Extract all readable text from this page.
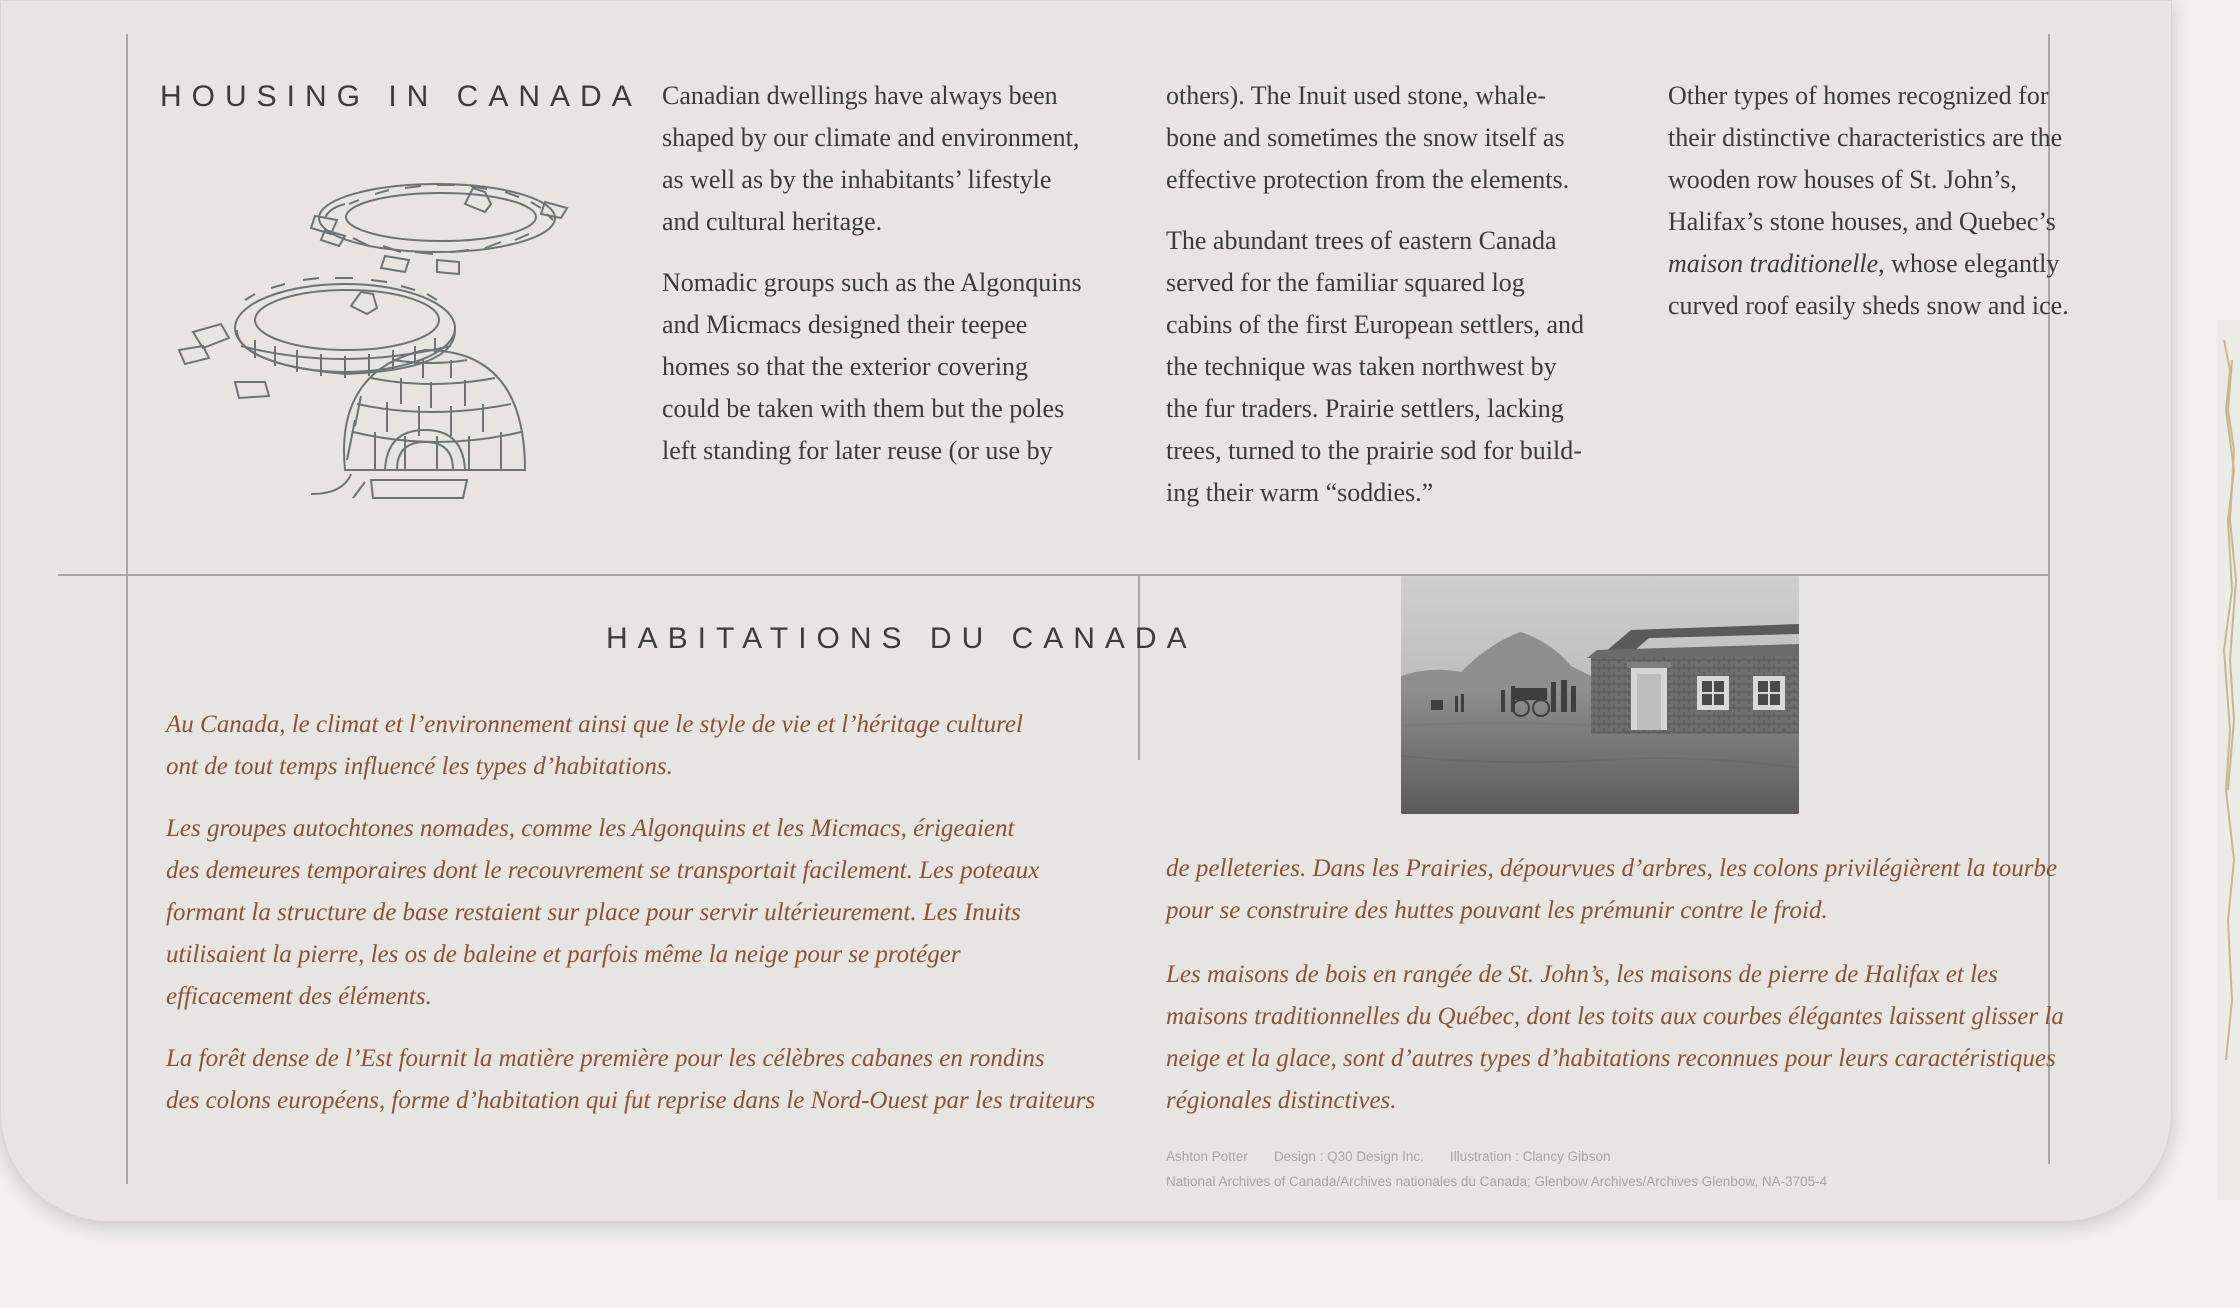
HOUSING IN CANADA Canadian dwellings have always been
shaped by our climate and environment,
as well as by the inhabitants’ lifestyle
and cultural heritage.

Nomadic groups such as the Algonquins
and Micmacs designed their teepee
homes so that the exterior covering
could be taken with them but the poles
left standing for later reuse (or use by

others). The Inuit used stone, whale-
bone and sometimes the snow itself as
effective protection from the elements.

The abundant trees of eastern Canada
served for the familiar squared log
cabins of the first European settlers, and
the technique was taken northwest by
the fur traders. Prairie settlers, lacking
trees, turned to the prairie sod for build-
ing their warm “soddies.”

Other types of homes recognized for
their distinctive characteristics are the
wooden row houses of St. John’s,
Halifax’s stone houses, and Quebec’s
maison traditionelle, whose elegantly
curved roof easily sheds snow and ice.

HABITATIONS DU CANADA

Au Canada, le climat et l’environnement ainsi que le style de vie et l’héritage culturel
ont de tout temps influencé les types d’habitations.

Les groupes autochtones nomades, comme les Algonquins et les Micmacs, érigeaient
des demeures temporaires dont le recouvrement se transportait facilement. Les poteaux
formant la structure de base restaient sur place pour servir ultérieurement. Les Inuits
utilisaient la pierre, les os de baleine et parfois même la neige pour se protéger
efficacement des éléments.

La forêt dense de l’Est fournit la matière première pour les célèbres cabanes en rondins
des colons européens, forme d’habitation qui fut reprise dans le Nord-Ouest par les traiteurs

de pelleteries. Dans les Prairies, dépourvues d’arbres, les colons privilégièrent la tourbe
pour se construire des huttes pouvant les prémunir contre le froid.

Les maisons de bois en rangée de St. John’s, les maisons de pierre de Halifax et les
maisons traditionnelles du Québec, dont les toits aux courbes élégantes laissent glisser la
neige et la glace, sont d’autres types d’habitations reconnues pour leurs caractéristiques
régionales distinctives.

Ashton Potter Design : Q30 Design Inc. Illustration : Clancy Gibson
National Archives of Canada/Archives nationales du Canada; Glenbow Archives/Archives Glenbow, NA-3705-4
